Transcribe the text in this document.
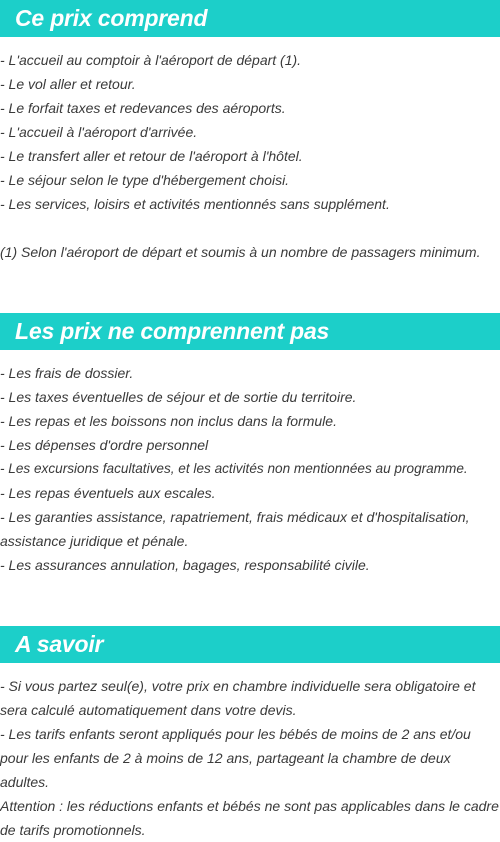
Ce prix comprend
- L'accueil au comptoir à l'aéroport de départ (1).
- Le vol aller et retour.
- Le forfait taxes et redevances des aéroports.
- L'accueil à l'aéroport d'arrivée.
- Le transfert aller et retour de l'aéroport à l'hôtel.
- Le séjour selon le type d'hébergement choisi.
- Les services, loisirs et activités mentionnés sans supplément.
(1) Selon l'aéroport de départ et soumis à un nombre de passagers minimum.
Les prix ne comprennent pas
- Les frais de dossier.
- Les taxes éventuelles de séjour et de sortie du territoire.
- Les repas et les boissons non inclus dans la formule.
- Les dépenses d'ordre personnel
- Les excursions facultatives, et les activités non mentionnées au programme.
- Les repas éventuels aux escales.
- Les garanties assistance, rapatriement, frais médicaux et d'hospitalisation, assistance juridique et pénale.
- Les assurances annulation, bagages, responsabilité civile.
A savoir
- Si vous partez seul(e), votre prix en chambre individuelle sera obligatoire et sera calculé automatiquement dans votre devis.
- Les tarifs enfants seront appliqués pour les bébés de moins de 2 ans et/ou pour les enfants de 2 à moins de 12 ans, partageant la chambre de deux adultes.
Attention : les réductions enfants et bébés ne sont pas applicables dans le cadre de tarifs promotionnels.
